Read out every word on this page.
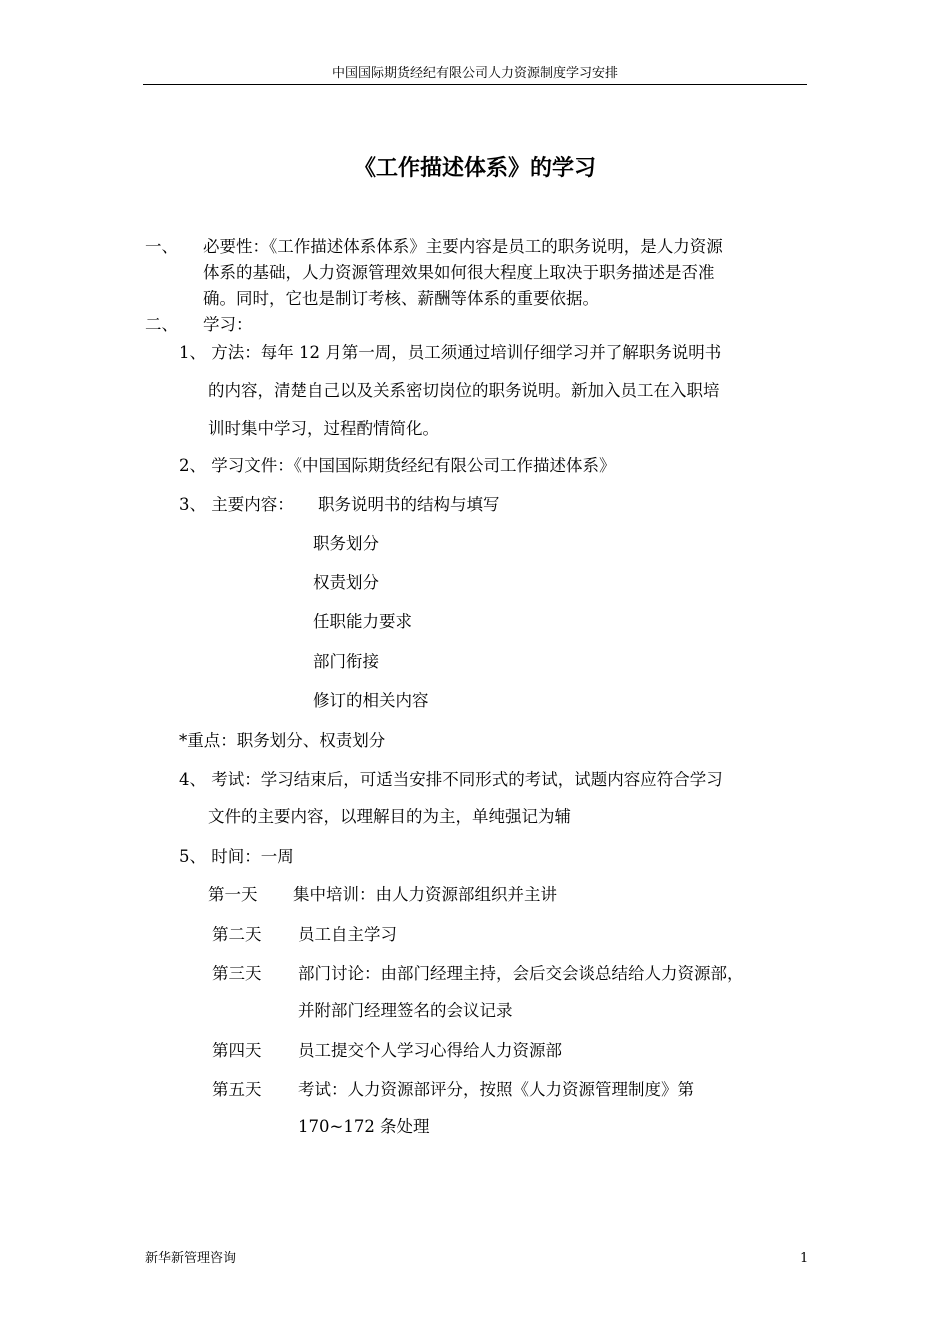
中国国际期货经纪有限公司人力资源制度学习安排
《工作描述体系》的学习
一、 必要性：《工作描述体系体系》主要内容是员工的职务说明，是人力资源
体系的基础，人力资源管理效果如何很大程度上取决于职务描述是否准
确。同时，它也是制订考核、薪酬等体系的重要依据。
二、 学习：
1、 方法：每年 12 月第一周，员工须通过培训仔细学习并了解职务说明书
的内容，清楚自己以及关系密切岗位的职务说明。新加入员工在入职培
训时集中学习，过程酌情简化。
2、 学习文件：《中国国际期货经纪有限公司工作描述体系》
3、 主要内容： 职务说明书的结构与填写
职务划分
权责划分
任职能力要求
部门衔接
修订的相关内容
*重点：职务划分、权责划分
4、 考试：学习结束后，可适当安排不同形式的考试，试题内容应符合学习
文件的主要内容，以理解目的为主，单纯强记为辅
5、 时间：一周
第一天 集中培训：由人力资源部组织并主讲
第二天 员工自主学习
第三天 部门讨论：由部门经理主持，会后交会谈总结给人力资源部，
并附部门经理签名的会议记录
第四天 员工提交个人学习心得给人力资源部
第五天 考试：人力资源部评分，按照《人力资源管理制度》第
170~172 条处理
新华新管理咨询	1
